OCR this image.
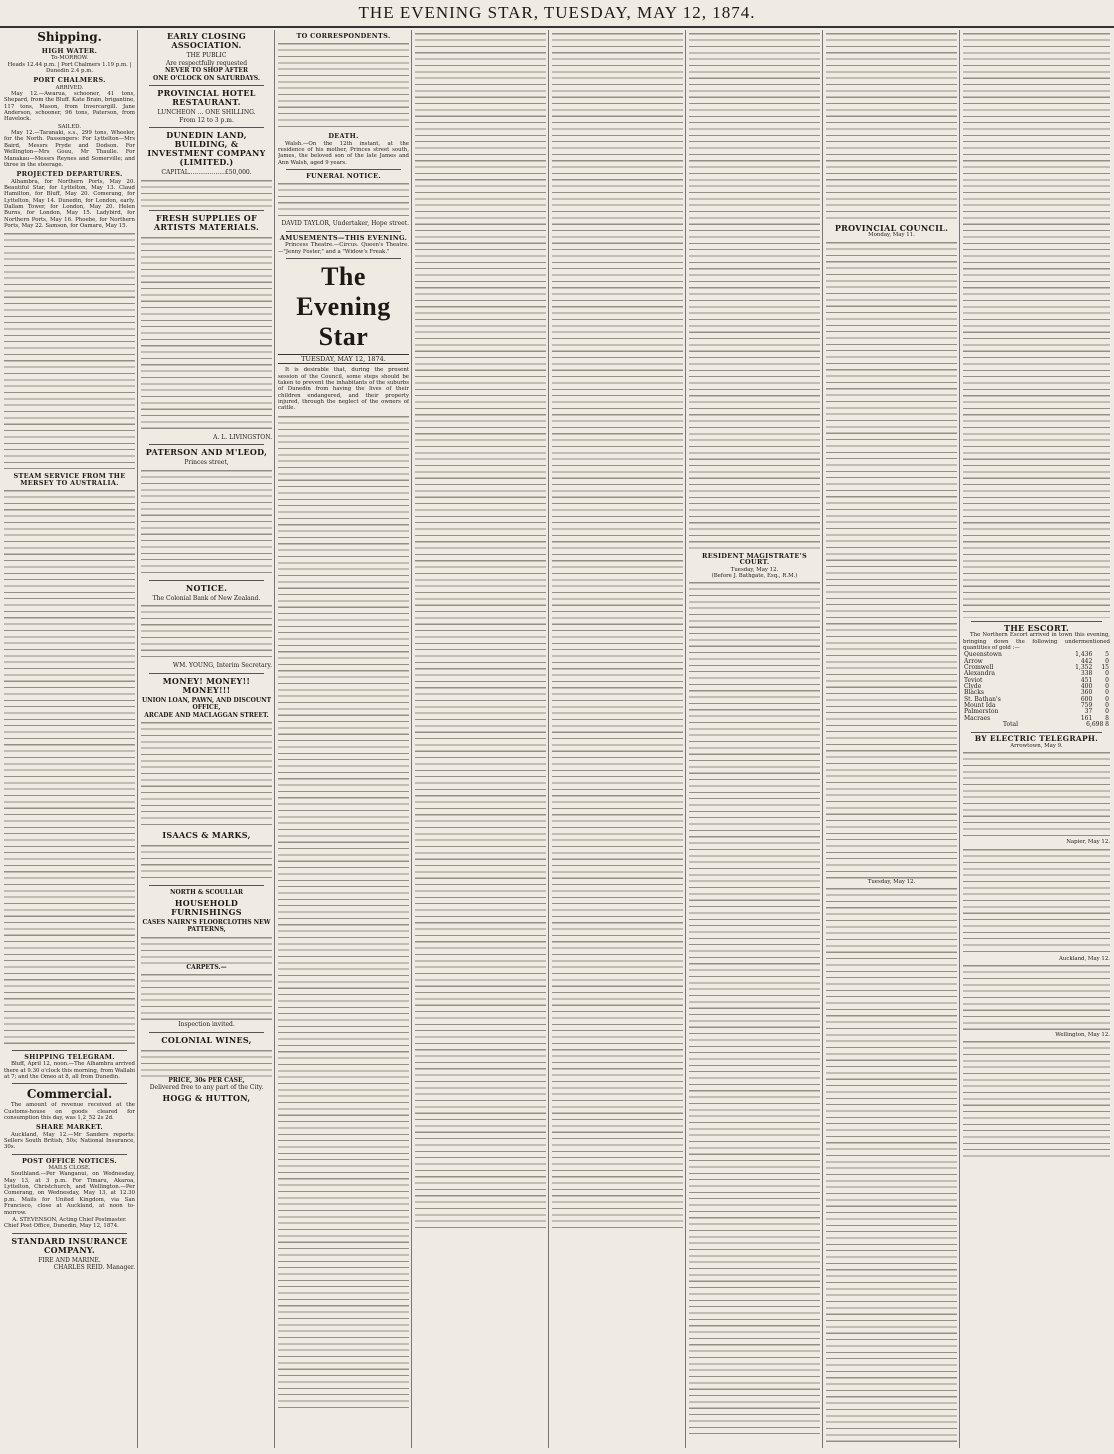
THE EVENING STAR, TUESDAY, MAY 12, 1874.
Shipping.
HIGH WATER.
To-MORROW.
Heads 12.44 p.m. | Port Chalmers 1.19 p.m. | Dunedin 2.4 p.m.
PORT CHALMERS.
ARRIVED.
May 12.—Awarua, schooner, 41 tons, Shepard, from the Bluff. Kate Brain, brigantine, 117 tons, Mason, from Invercargill. Jane Anderson, schooner, 96 tons, Paterson, from Havelock.
SAILED.
May 12.—Taranaki, s.s., 299 tons, Wheeler, for the North. Passengers: For Lyttelton—Mrs Baird, Messrs Pryde and Dodson. For Wellington—Mrs Gouu, Mr Thaulle. For Manakau—Messrs Reynes and Somerville; and three in the steerage.
PROJECTED DEPARTURES.
Alhambra, for Northern Ports, May 20. Beautiful Star, for Lyttelton, May 13. Claud Hamilton, for Bluff, May 20. Comerang, for Lyttelton, May 14. Dunedin, for London, early. Dallam Tower, for London, May 20. Helen Burns, for London, May 15. Ladybird, for Northern Ports, May 16. Phoebe, for Northern Ports, May 22. Samson, for Oamaru, May 15.
STEAM SERVICE FROM THE MERSEY TO AUSTRALIA.
SHIPPING TELEGRAM.
Bluff, April 12, noon.—The Alhambra arrived there at 9.30 o'clock this morning, from Wallabi at 7; and the Omeo at 8, all from Dunedin.
Commercial.
The amount of revenue received at the Customs-house on goods cleared for consumption this day, was 1,2_52 2s 2d.
SHARE MARKET.
Auckland, May 12.—Mr Sanders reports: Sellers South British, 50s; National Insurance, 30s.
POST OFFICE NOTICES.
MAILS CLOSE.
Southland.—Per Wanganui, on Wednesday, May 13, at 3 p.m. For Timaru, Akaroa, Lyttelton, Christchurch, and Wellington.—Per Comerang, on Wednesday, May 13, at 12.30 p.m. Mails for United Kingdom, via San Francisco, close at Auckland, at noon to-morrow.
A. STEVENSON, Acting Chief Postmaster.
Chief Post Office, Dunedin, May 12, 1874.
STANDARD INSURANCE COMPANY.
FIRE AND MARINE.
CHARLES REID. Manager.
EARLY CLOSING ASSOCIATION.
THE PUBLIC
Are respectfully requested
NEVER TO SHOP AFTER
ONE O'CLOCK ON SATURDAYS.
PROVINCIAL HOTEL RESTAURANT.
LUNCHEON ... ONE SHILLING.
From 12 to 3 p.m.
DUNEDIN LAND, BUILDING, & INVESTMENT COMPANY (LIMITED.)
CAPITAL...................£50,000.
FRESH SUPPLIES OF ARTISTS MATERIALS.
A. L. LIVINGSTON.
PATERSON AND M'LEOD,
Princes street,
NOTICE.
The Colonial Bank of New Zealand.
WM. YOUNG, Interim Secretary.
MONEY! MONEY!! MONEY!!!
UNION LOAN, PAWN, AND DISCOUNT OFFICE,
ARCADE AND MACLAGGAN STREET.
ISAACS & MARKS,
NORTH & SCOULLAR
HOUSEHOLD FURNISHINGS
CASES NAIRN'S FLOORCLOTHS NEW PATTERNS,
CARPETS.—
Inspection invited.
COLONIAL WINES,
PRICE, 30s PER CASE,
Delivered free to any part of the City.
HOGG & HUTTON,
TO CORRESPONDENTS.
DEATH.
Walsh.—On the 12th instant, at the residence of his mother, Princes street south, James, the beloved son of the late James and Ann Walsh, aged 9 years.
FUNERAL NOTICE.
DAVID TAYLOR, Undertaker, Hope street.
AMUSEMENTS—THIS EVENING.
Princess Theatre.—Circus. Queen's Theatre.—"Jenny Foster," and a "Widow's Freak."
The Evening Star
TUESDAY, MAY 12, 1874.
It is desirable that, during the present session of the Council, some steps should be taken to prevent the inhabitants of the suburbs of Dunedin from having the lives of their children endangered, and their property injured, through the neglect of the owners of cattle.
RESIDENT MAGISTRATE'S COURT.
Tuesday, May 12.
(Before J. Bathgate, Esq., R.M.)
PROVINCIAL COUNCIL.
Monday, May 11.
Tuesday, May 12.
THE ESCORT.
The Northern Escort arrived in town this evening, bringing down the following undermentioned quantities of gold :—
Queenstown	1,436	5
Arrow	442	0
Cromwell	1,352	15
Alexandra	338	0
Teviot	451	0
Clyde	400	0
Blacks	360	0
St. Bathan's	600	0
Mount Ida	759	0
Palmerston	37	0
Macraes	161	8
Total	6,698 8	
BY ELECTRIC TELEGRAPH.
Arrowtown, May 9.
Napier, May 12.
Auckland, May 12.
Wellington, May 12.
